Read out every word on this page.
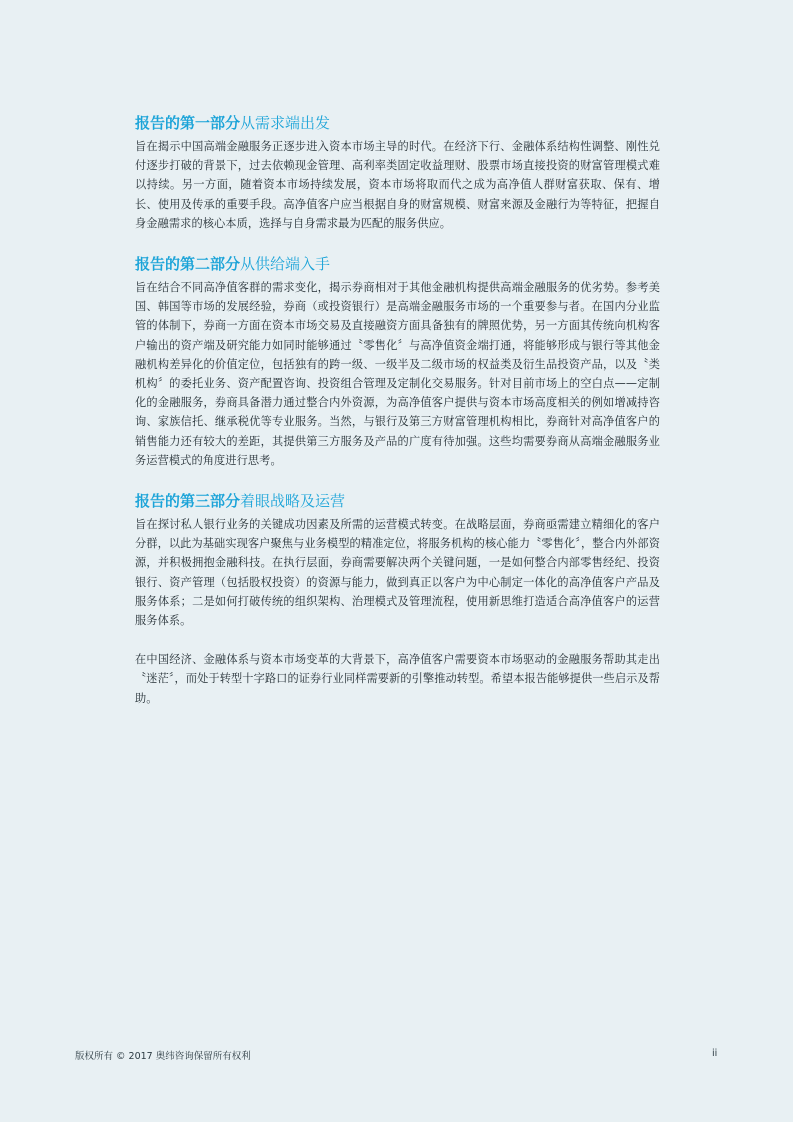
报告的第一部分从需求端出发

旨在揭示中国高端金融服务正逐步进入资本市场主导的时代。在经济下行、金融体系结构性调整、刚性兑付逐步打破的背景下，过去依赖现金管理、高利率类固定收益理财、股票市场直接投资的财富管理模式难以持续。另一方面，随着资本市场持续发展，资本市场将取而代之成为高净值人群财富获取、保有、增长、使用及传承的重要手段。高净值客户应当根据自身的财富规模、财富来源及金融行为等特征，把握自身金融需求的核心本质，选择与自身需求最为匹配的服务供应。

报告的第二部分从供给端入手

旨在结合不同高净值客群的需求变化，揭示券商相对于其他金融机构提供高端金融服务的优劣势。参考美国、韩国等市场的发展经验，券商（或投资银行）是高端金融服务市场的一个重要参与者。在国内分业监管的体制下，券商一方面在资本市场交易及直接融资方面具备独有的牌照优势，另一方面其传统向机构客户输出的资产端及研究能力如同时能够通过〝零售化〞与高净值资金端打通，将能够形成与银行等其他金融机构差异化的价值定位，包括独有的跨一级、一级半及二级市场的权益类及衍生品投资产品，以及〝类机构〞的委托业务、资产配置咨询、投资组合管理及定制化交易服务。针对目前市场上的空白点——定制化的金融服务，券商具备潜力通过整合内外资源，为高净值客户提供与资本市场高度相关的例如增减持咨询、家族信托、继承税优等专业服务。当然，与银行及第三方财富管理机构相比，券商针对高净值客户的销售能力还有较大的差距，其提供第三方服务及产品的广度有待加强。这些均需要券商从高端金融服务业务运营模式的角度进行思考。

报告的第三部分着眼战略及运营

旨在探讨私人银行业务的关键成功因素及所需的运营模式转变。在战略层面，券商亟需建立精细化的客户分群，以此为基础实现客户聚焦与业务模型的精准定位，将服务机构的核心能力〝零售化〞，整合内外部资源，并积极拥抱金融科技。在执行层面，券商需要解决两个关键问题，一是如何整合内部零售经纪、投资银行、资产管理（包括股权投资）的资源与能力，做到真正以客户为中心制定一体化的高净值客户产品及服务体系；二是如何打破传统的组织架构、治理模式及管理流程，使用新思维打造适合高净值客户的运营服务体系。

在中国经济、金融体系与资本市场变革的大背景下，高净值客户需要资本市场驱动的金融服务帮助其走出〝迷茫〞，而处于转型十字路口的证券行业同样需要新的引擎推动转型。希望本报告能够提供一些启示及帮助。

版权所有 © 2017 奥纬咨询保留所有权利	ii
